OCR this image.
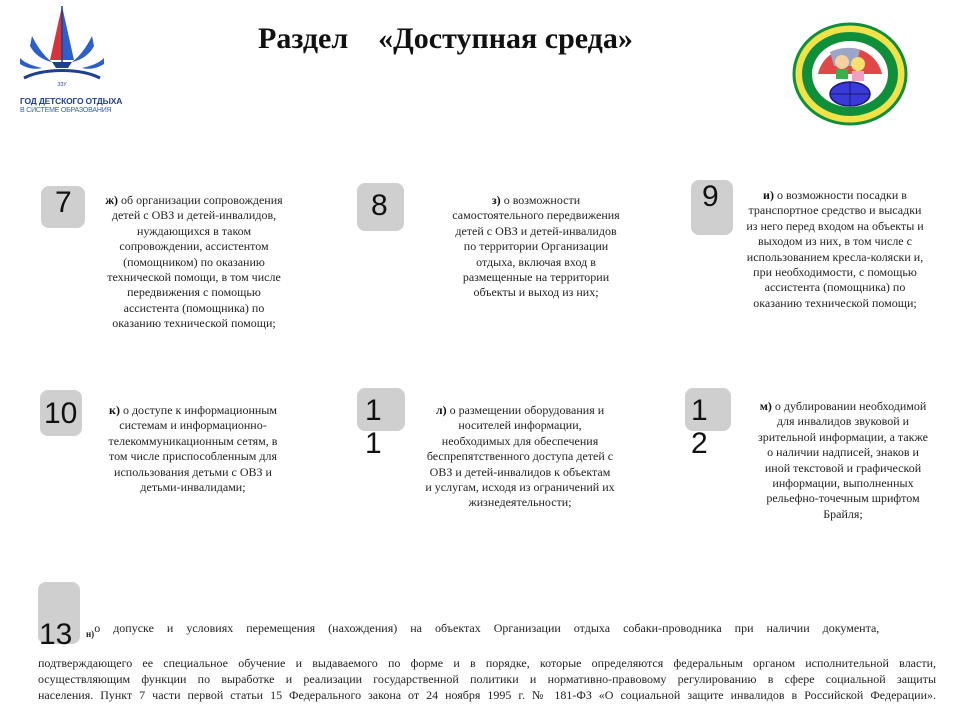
Раздел    «Доступная среда»
ЗЗУ
ГОД ДЕТСКОГО ОТДЫХА
В СИСТЕМЕ ОБРАЗОВАНИЯ
7	ж) об организации сопровождения детей с ОВЗ и детей-инвалидов, нуждающихся в таком сопровождении, ассистентом (помощником) по оказанию технической помощи, в том числе передвижения с помощью ассистента (помощника) по оказанию технической помощи;
8	з) о возможности самостоятельного передвижения детей с ОВЗ и детей-инвалидов по территории Организации отдыха, включая вход в размещенные на территории объекты и выход из них;
9	и) о возможности посадки в транспортное средство и высадки из него перед входом на объекты и выходом из них, в том числе с использованием кресла-коляски и, при необходимости, с помощью ассистента (помощника) по оказанию технической помощи;
10	к) о доступе к информационным системам и информационно-телекоммуникационным сетям, в том числе приспособленным для использования детьми с ОВЗ и детьми-инвалидами;
1
1
л) о размещении оборудования и носителей информации, необходимых для обеспечения беспрепятственного доступа детей с ОВЗ и детей-инвалидов к объектам и услугам, исходя из ограничений их жизнедеятельности;
1
2
м) о дублировании необходимой для инвалидов звуковой и зрительной информации, а также о наличии надписей, знаков и иной текстовой и графической информации, выполненных рельефно-точечным шрифтом Брайля;
13 н)$^{о допуске и условиях перемещения (нахождения) на объектах Организации отдыха собаки-проводника при наличии документа,}$
подтверждающего ее специальное обучение и выдаваемого по форме и в порядке, которые определяются федеральным органом исполнительной власти,
осуществляющим функции по выработке и реализации государственной политики и нормативно-правовому регулированию в сфере социальной защиты
населения. Пункт 7 части первой статьи 15 Федерального закона от 24 ноября 1995 г. № 181-ФЗ «О социальной защите инвалидов в Российской Федерации».
